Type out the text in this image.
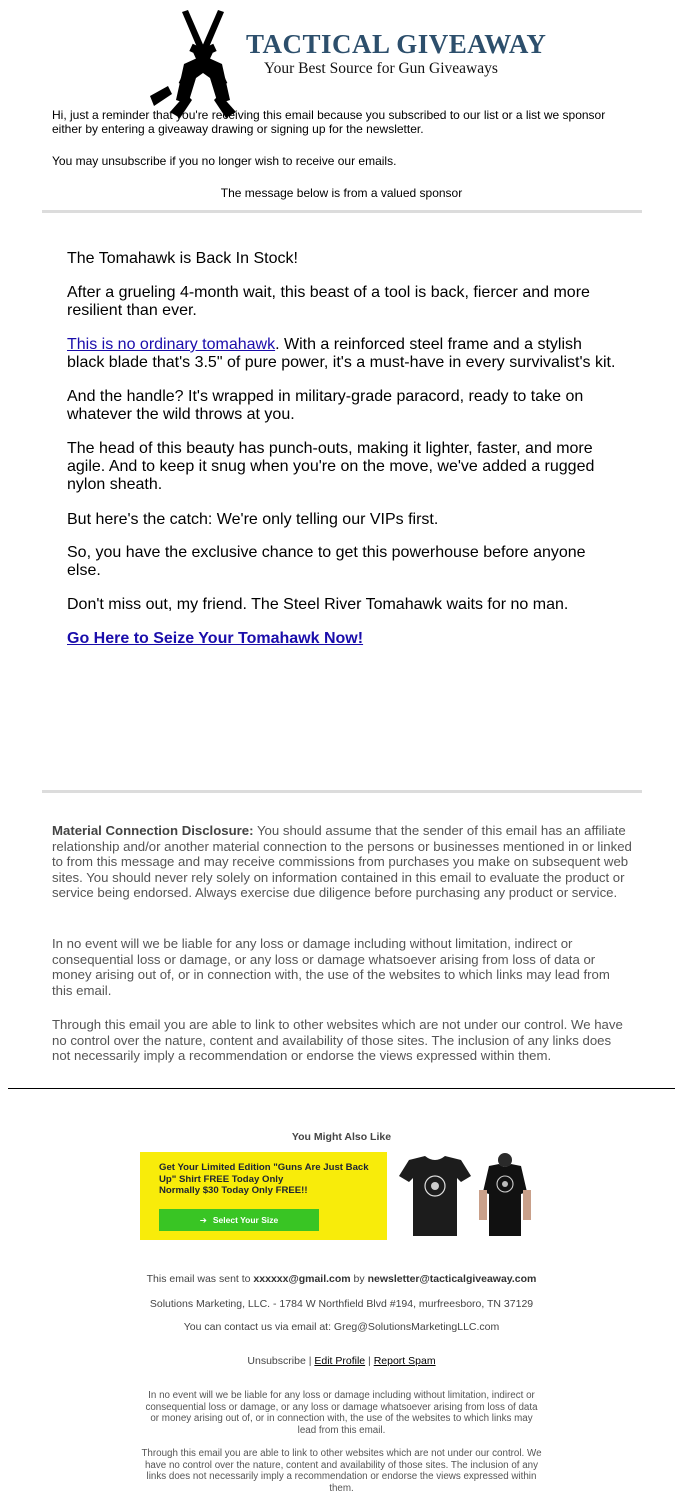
TACTICAL GIVEAWAY
Your Best Source for Gun Giveaways
Hi, just a reminder that you're receiving this email because you subscribed to our list or a list we sponsor either by entering a giveaway drawing or signing up for the newsletter.
You may unsubscribe if you no longer wish to receive our emails.
The message below is from a valued sponsor

The Tomahawk is Back In Stock!

After a grueling 4-month wait, this beast of a tool is back, fiercer and more resilient than ever.

This is no ordinary tomahawk. With a reinforced steel frame and a stylish black blade that's 3.5" of pure power, it's a must-have in every survivalist's kit.

And the handle? It's wrapped in military-grade paracord, ready to take on whatever the wild throws at you.

The head of this beauty has punch-outs, making it lighter, faster, and more agile. And to keep it snug when you're on the move, we've added a rugged nylon sheath.

But here's the catch: We're only telling our VIPs first.

So, you have the exclusive chance to get this powerhouse before anyone else.

Don't miss out, my friend. The Steel River Tomahawk waits for no man.

Go Here to Seize Your Tomahawk Now!

Material Connection Disclosure: You should assume that the sender of this email has an affiliate relationship and/or another material connection to the persons or businesses mentioned in or linked to from this message and may receive commissions from purchases you make on subsequent web sites. You should never rely solely on information contained in this email to evaluate the product or service being endorsed. Always exercise due diligence before purchasing any product or service.

In no event will we be liable for any loss or damage including without limitation, indirect or consequential loss or damage, or any loss or damage whatsoever arising from loss of data or money arising out of, or in connection with, the use of the websites to which links may lead from this email.

Through this email you are able to link to other websites which are not under our control. We have no control over the nature, content and availability of those sites. The inclusion of any links does not necessarily imply a recommendation or endorse the views expressed within them.

You Might Also Like
Get Your Limited Edition "Guns Are Just Back Up" Shirt FREE Today Only
Normally $30 Today Only FREE!!
➔ Select Your Size
This email was sent to xxxxxx@gmail.com by newsletter@tacticalgiveaway.com
Solutions Marketing, LLC. - 1784 W Northfield Blvd #194, murfreesboro, TN 37129
You can contact us via email at: Greg@SolutionsMarketingLLC.com
Unsubscribe | Edit Profile | Report Spam

In no event will we be liable for any loss or damage including without limitation, indirect or consequential loss or damage, or any loss or damage whatsoever arising from loss of data or money arising out of, or in connection with, the use of the websites to which links may lead from this email.

Through this email you are able to link to other websites which are not under our control. We have no control over the nature, content and availability of those sites. The inclusion of any links does not necessarily imply a recommendation or endorse the views expressed within them.
